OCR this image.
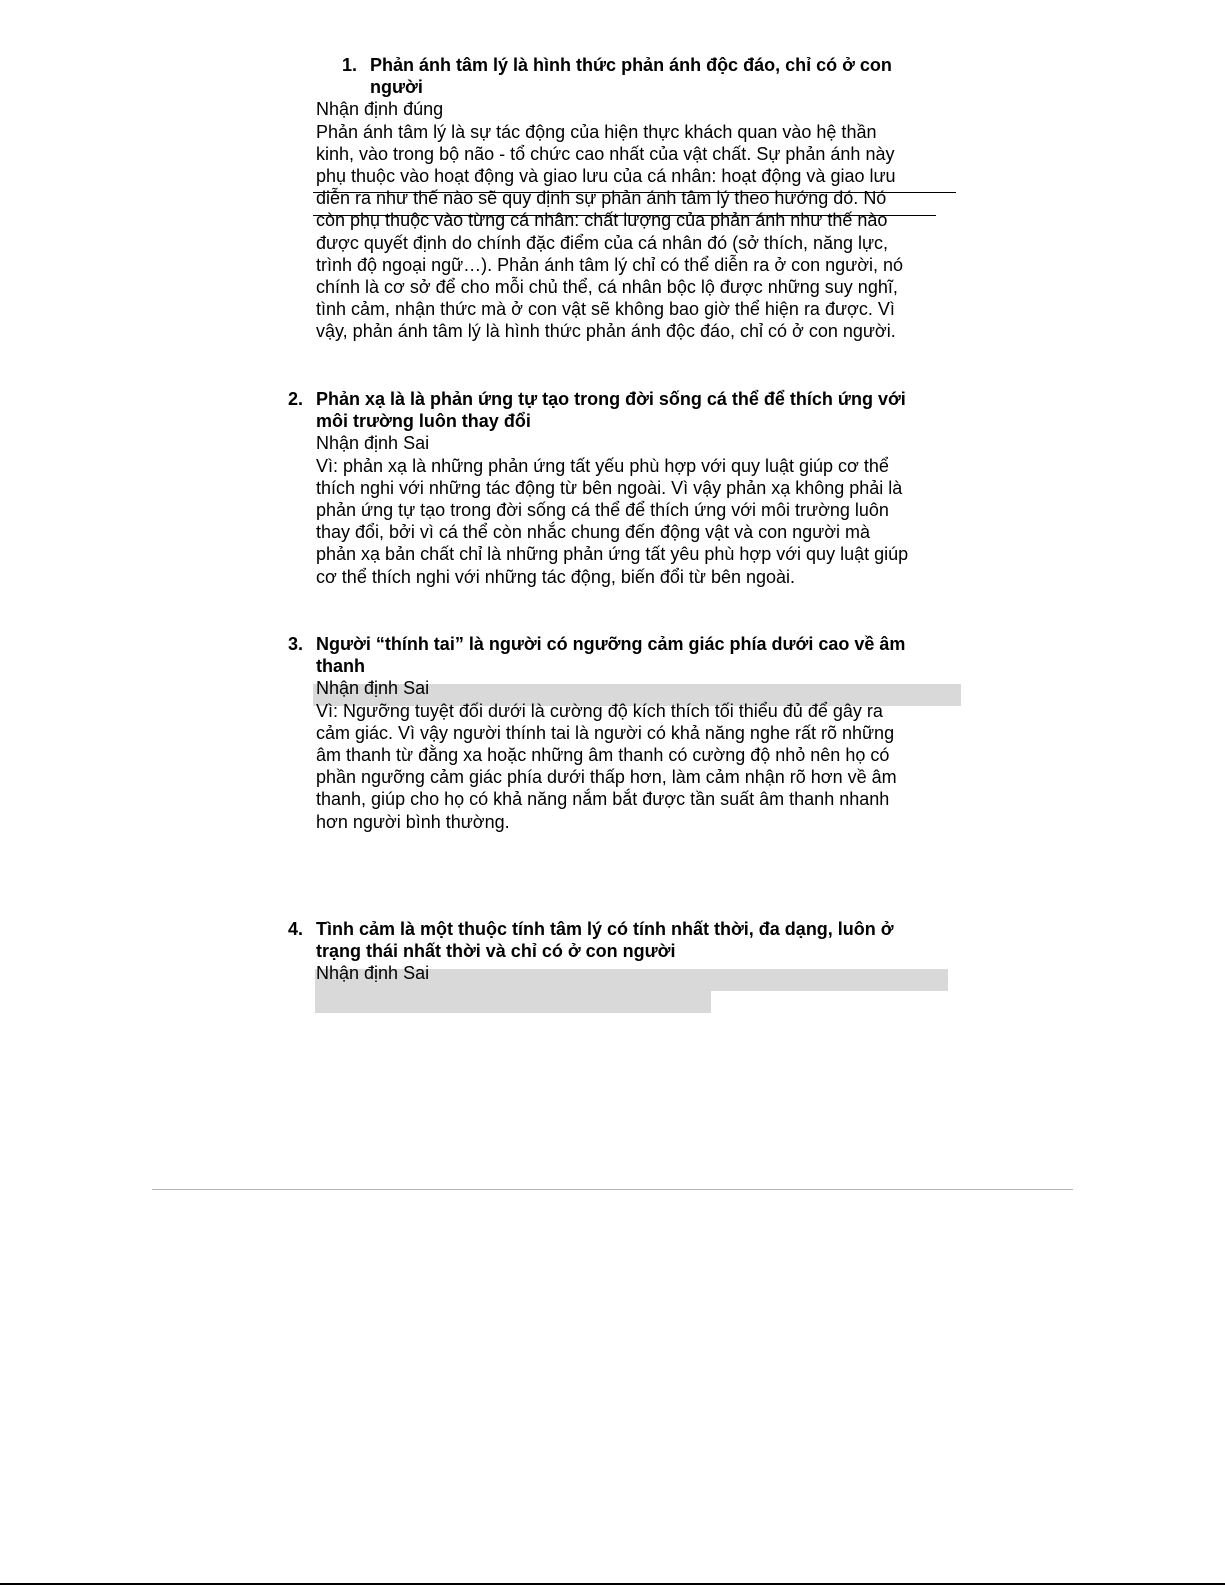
1. Phản ánh tâm lý là hình thức phản ánh độc đáo, chỉ có ở con
người
Nhận định đúng
Phản ánh tâm lý là sự tác động của hiện thực khách quan vào hệ thần
kinh, vào trong bộ não - tổ chức cao nhất của vật chất. Sự phản ánh này
phụ thuộc vào hoạt động và giao lưu của cá nhân: hoạt động và giao lưu
diễn ra như thế nào sẽ quy định sự phản ánh tâm lý theo hướng đó. Nó
còn phụ thuộc vào từng cá nhân: chất lượng của phản ánh như thế nào
được quyết định do chính đặc điểm của cá nhân đó (sở thích, năng lực,
trình độ ngoại ngữ…). Phản ánh tâm lý chỉ có thể diễn ra ở con người, nó
chính là cơ sở để cho mỗi chủ thể, cá nhân bộc lộ được những suy nghĩ,
tình cảm, nhận thức mà ở con vật sẽ không bao giờ thể hiện ra được. Vì
vậy, phản ánh tâm lý là hình thức phản ánh độc đáo, chỉ có ở con người.
2. Phản xạ là là phản ứng tự tạo trong đời sống cá thể để thích ứng với
môi trường luôn thay đổi
Nhận định Sai
Vì: phản xạ là những phản ứng tất yếu phù hợp với quy luật giúp cơ thể
thích nghi với những tác động từ bên ngoài. Vì vậy phản xạ không phải là
phản ứng tự tạo trong đời sống cá thể để thích ứng với môi trường luôn
thay đổi, bởi vì cá thể còn nhắc chung đến động vật và con người mà
phản xạ bản chất chỉ là những phản ứng tất yêu phù hợp với quy luật giúp
cơ thể thích nghi với những tác động, biến đổi từ bên ngoài.
3. Người “thính tai” là người có ngưỡng cảm giác phía dưới cao về âm
thanh
Nhận định Sai
Vì: Ngưỡng tuyệt đối dưới là cường độ kích thích tối thiểu đủ để gây ra
cảm giác. Vì vậy người thính tai là người có khả năng nghe rất rõ những
âm thanh từ đằng xa hoặc những âm thanh có cường độ nhỏ nên họ có
phần ngưỡng cảm giác phía dưới thấp hơn, làm cảm nhận rõ hơn về âm
thanh, giúp cho họ có khả năng nắm bắt được tần suất âm thanh nhanh
hơn người bình thường.
4. Tình cảm là một thuộc tính tâm lý có tính nhất thời, đa dạng, luôn ở
trạng thái nhất thời và chỉ có ở con người
Nhận định Sai
